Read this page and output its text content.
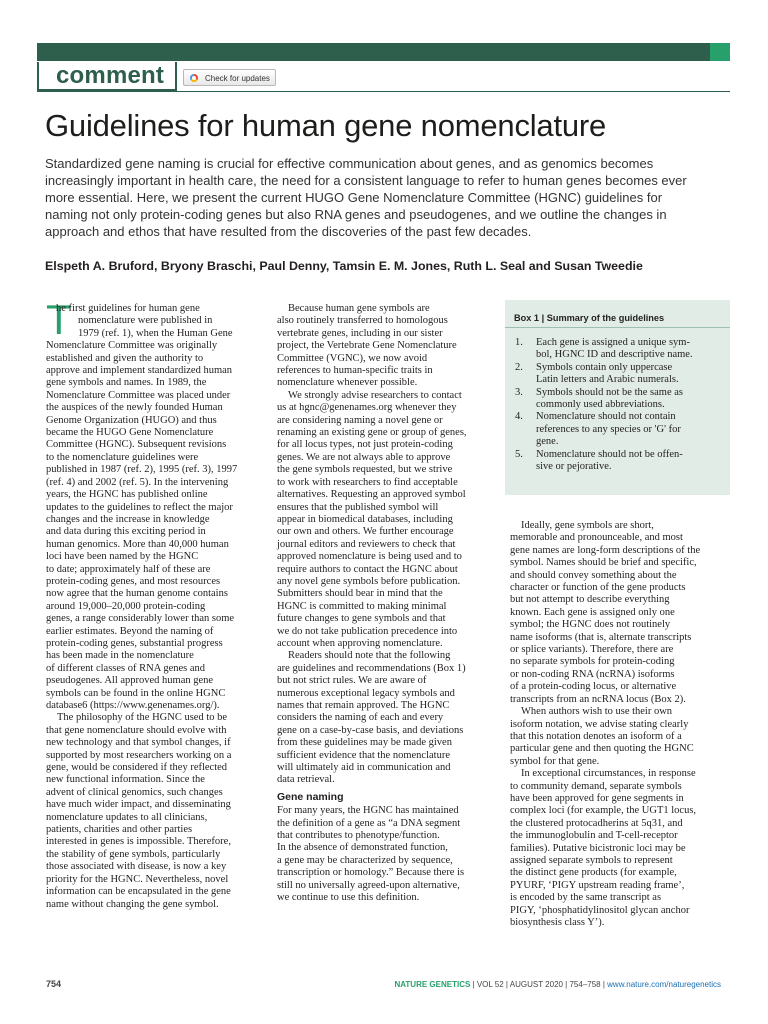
comment	Check for updates
Guidelines for human gene nomenclature
Standardized gene naming is crucial for effective communication about genes, and as genomics becomes
increasingly important in health care, the need for a consistent language to refer to human genes becomes ever
more essential. Here, we present the current HUGO Gene Nomenclature Committee (HGNC) guidelines for
naming not only protein-coding genes but also RNA genes and pseudogenes, and we outline the changes in
approach and ethos that have resulted from the discoveries of the past few decades.
Elspeth A. Bruford, Bryony Braschi, Paul Denny, Tamsin E. M. Jones, Ruth L. Seal and Susan Tweedie
T
he first guidelines for human gene
nomenclature were published in
1979 (ref. 1), when the Human Gene
Nomenclature Committee was originally
established and given the authority to
approve and implement standardized human
gene symbols and names. In 1989, the
Nomenclature Committee was placed under
the auspices of the newly founded Human
Genome Organization (HUGO) and thus
became the HUGO Gene Nomenclature
Committee (HGNC). Subsequent revisions
to the nomenclature guidelines were
published in 1987 (ref. 2), 1995 (ref. 3), 1997
(ref. 4) and 2002 (ref. 5). In the intervening
years, the HGNC has published online
updates to the guidelines to reflect the major
changes and the increase in knowledge
and data during this exciting period in
human genomics. More than 40,000 human
loci have been named by the HGNC
to date; approximately half of these are
protein-coding genes, and most resources
now agree that the human genome contains
around 19,000–20,000 protein-coding
genes, a range considerably lower than some
earlier estimates. Beyond the naming of
protein-coding genes, substantial progress
has been made in the nomenclature
of different classes of RNA genes and
pseudogenes. All approved human gene
symbols can be found in the online HGNC
database6 (https://www.genenames.org/).
The philosophy of the HGNC used to be
that gene nomenclature should evolve with
new technology and that symbol changes, if
supported by most researchers working on a
gene, would be considered if they reflected
new functional information. Since the
advent of clinical genomics, such changes
have much wider impact, and disseminating
nomenclature updates to all clinicians,
patients, charities and other parties
interested in genes is impossible. Therefore,
the stability of gene symbols, particularly
those associated with disease, is now a key
priority for the HGNC. Nevertheless, novel
information can be encapsulated in the gene
name without changing the gene symbol.
Because human gene symbols are
also routinely transferred to homologous
vertebrate genes, including in our sister
project, the Vertebrate Gene Nomenclature
Committee (VGNC), we now avoid
references to human-specific traits in
nomenclature whenever possible.
We strongly advise researchers to contact
us at hgnc@genenames.org whenever they
are considering naming a novel gene or
renaming an existing gene or group of genes,
for all locus types, not just protein-coding
genes. We are not always able to approve
the gene symbols requested, but we strive
to work with researchers to find acceptable
alternatives. Requesting an approved symbol
ensures that the published symbol will
appear in biomedical databases, including
our own and others. We further encourage
journal editors and reviewers to check that
approved nomenclature is being used and to
require authors to contact the HGNC about
any novel gene symbols before publication.
Submitters should bear in mind that the
HGNC is committed to making minimal
future changes to gene symbols and that
we do not take publication precedence into
account when approving nomenclature.
Readers should note that the following
are guidelines and recommendations (Box 1)
but not strict rules. We are aware of
numerous exceptional legacy symbols and
names that remain approved. The HGNC
considers the naming of each and every
gene on a case-by-case basis, and deviations
from these guidelines may be made given
sufficient evidence that the nomenclature
will ultimately aid in communication and
data retrieval.
Gene naming
For many years, the HGNC has maintained
the definition of a gene as “a DNA segment
that contributes to phenotype/function.
In the absence of demonstrated function,
a gene may be characterized by sequence,
transcription or homology.” Because there is
still no universally agreed-upon alternative,
we continue to use this definition.
Box 1 | Summary of the guidelines
1. Each gene is assigned a unique sym-
bol, HGNC ID and descriptive name.
2. Symbols contain only uppercase
Latin letters and Arabic numerals.
3. Symbols should not be the same as
commonly used abbreviations.
4. Nomenclature should not contain
references to any species or 'G' for
gene.
5. Nomenclature should not be offen-
sive or pejorative.
Ideally, gene symbols are short,
memorable and pronounceable, and most
gene names are long-form descriptions of the
symbol. Names should be brief and specific,
and should convey something about the
character or function of the gene products
but not attempt to describe everything
known. Each gene is assigned only one
symbol; the HGNC does not routinely
name isoforms (that is, alternate transcripts
or splice variants). Therefore, there are
no separate symbols for protein-coding
or non-coding RNA (ncRNA) isoforms
of a protein-coding locus, or alternative
transcripts from an ncRNA locus (Box 2).
When authors wish to use their own
isoform notation, we advise stating clearly
that this notation denotes an isoform of a
particular gene and then quoting the HGNC
symbol for that gene.
In exceptional circumstances, in response
to community demand, separate symbols
have been approved for gene segments in
complex loci (for example, the UGT1 locus,
the clustered protocadherins at 5q31, and
the immunoglobulin and T-cell-receptor
families). Putative bicistronic loci may be
assigned separate symbols to represent
the distinct gene products (for example,
PYURF, ‘PIGY upstream reading frame’,
is encoded by the same transcript as
PIGY, ‘phosphatidylinositol glycan anchor
biosynthesis class Y’).
754	NATURE GENETICS | VOL 52 | AUGUST 2020 | 754–758 | www.nature.com/naturegenetics
